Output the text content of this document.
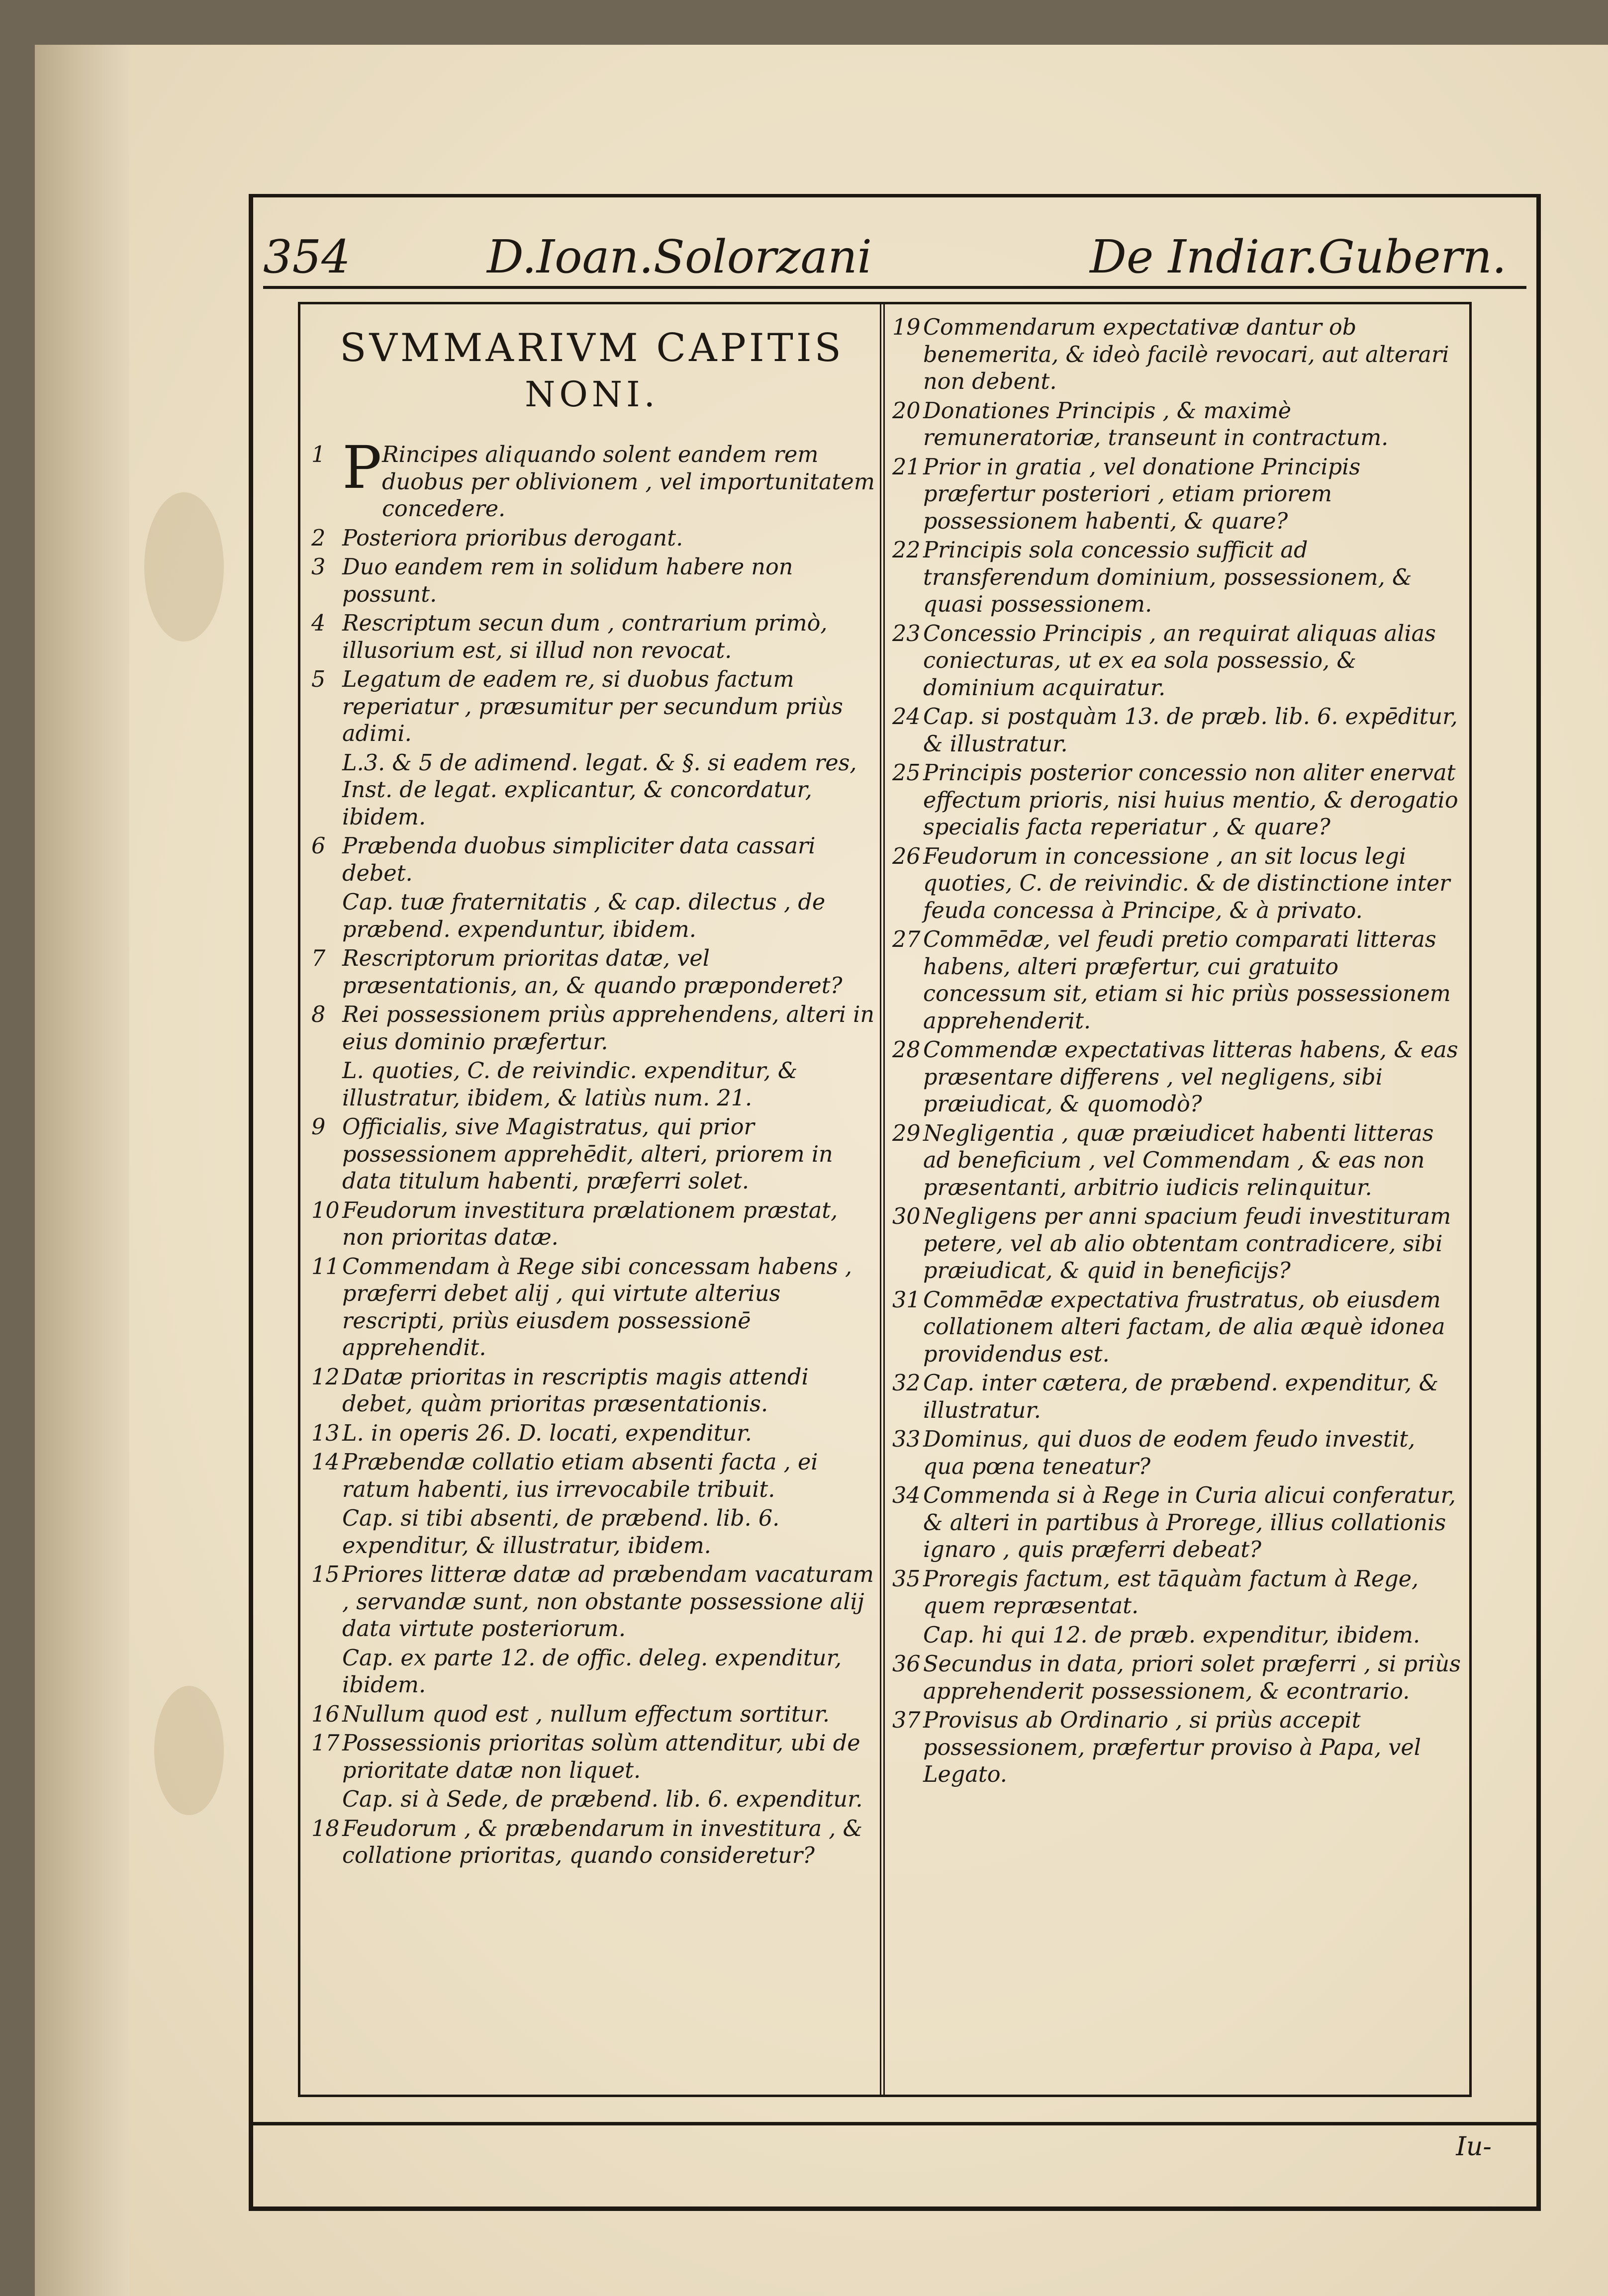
354	D.Ioan.Solorzani	De Indiar.Gubern.
SVMMARIVM CAPITIS
NONI.
1 P Rincipes aliquando solent eandem rem duobus per oblivionem , vel importunitatem concedere.
2 Posteriora prioribus derogant.
3 Duo eandem rem in solidum habere non possunt.
4 Rescriptum secun dum , contrarium primò, illusorium est, si illud non revocat.
5 Legatum de eadem re, si duobus factum reperiatur , præsumitur per secundum priùs adimi.
L.3. & 5 de adimend. legat. & §. si eadem res, Inst. de legat. explicantur, & concordatur, ibidem.
6 Præbenda duobus simpliciter data cassari debet.
Cap. tuæ fraternitatis , & cap. dilectus , de præbend. expenduntur, ibidem.
7 Rescriptorum prioritas datæ, vel præsentationis, an, & quando præponderet?
8 Rei possessionem priùs apprehendens, alteri in eius dominio præfertur.
L. quoties, C. de reivindic. expenditur, & illustratur, ibidem, & latiùs num. 21.
9 Officialis, sive Magistratus, qui prior possessionem apprehēdit, alteri, priorem in data titulum habenti, præferri solet.
10 Feudorum investitura prælationem præstat, non prioritas datæ.
11 Commendam à Rege sibi concessam habens , præferri debet alij , qui virtute alterius rescripti, priùs eiusdem possessionē apprehendit.
12 Datæ prioritas in rescriptis magis attendi debet, quàm prioritas præsentationis.
13 L. in operis 26. D. locati, expenditur.
14 Præbendæ collatio etiam absenti facta , ei ratum habenti, ius irrevocabile tribuit.
Cap. si tibi absenti, de præbend. lib. 6. expenditur, & illustratur, ibidem.
15 Priores litteræ datæ ad præbendam vacaturam , servandæ sunt, non obstante possessione alij data virtute posteriorum.
Cap. ex parte 12. de offic. deleg. expenditur, ibidem.
16 Nullum quod est , nullum effectum sortitur.
17 Possessionis prioritas solùm attenditur, ubi de prioritate datæ non liquet.
Cap. si à Sede, de præbend. lib. 6. expenditur.
18 Feudorum , & præbendarum in investitura , & collatione prioritas, quando consideretur?
19 Commendarum expectativæ dantur ob benemerita, & ideò facilè revocari, aut alterari non debent.
20 Donationes Principis , & maximè remuneratoriæ, transeunt in contractum.
21 Prior in gratia , vel donatione Principis præfertur posteriori , etiam priorem possessionem habenti, & quare?
22 Principis sola concessio sufficit ad transferendum dominium, possessionem, & quasi possessionem.
23 Concessio Principis , an requirat aliquas alias coniecturas, ut ex ea sola possessio, & dominium acquiratur.
24 Cap. si postquàm 13. de præb. lib. 6. expēditur, & illustratur.
25 Principis posterior concessio non aliter enervat effectum prioris, nisi huius mentio, & derogatio specialis facta reperiatur , & quare?
26 Feudorum in concessione , an sit locus legi quoties, C. de reivindic. & de distinctione inter feuda concessa à Principe, & à privato.
27 Commēdæ, vel feudi pretio comparati litteras habens, alteri præfertur, cui gratuito concessum sit, etiam si hic priùs possessionem apprehenderit.
28 Commendæ expectativas litteras habens, & eas præsentare differens , vel negligens, sibi præiudicat, & quomodò?
29 Negligentia , quæ præiudicet habenti litteras ad beneficium , vel Commendam , & eas non præsentanti, arbitrio iudicis relinquitur.
30 Negligens per anni spacium feudi investituram petere, vel ab alio obtentam contradicere, sibi præiudicat, & quid in beneficijs?
31 Commēdæ expectativa frustratus, ob eiusdem collationem alteri factam, de alia æquè idonea providendus est.
32 Cap. inter cætera, de præbend. expenditur, & illustratur.
33 Dominus, qui duos de eodem feudo investit, qua pœna teneatur?
34 Commenda si à Rege in Curia alicui conferatur, & alteri in partibus à Prorege, illius collationis ignaro , quis præferri debeat?
35 Proregis factum, est tāquàm factum à Rege, quem repræsentat.
Cap. hi qui 12. de præb. expenditur, ibidem.
36 Secundus in data, priori solet præferri , si priùs apprehenderit possessionem, & econtrario.
37 Provisus ab Ordinario , si priùs accepit possessionem, præfertur proviso à Papa, vel Legato.
Iu-
